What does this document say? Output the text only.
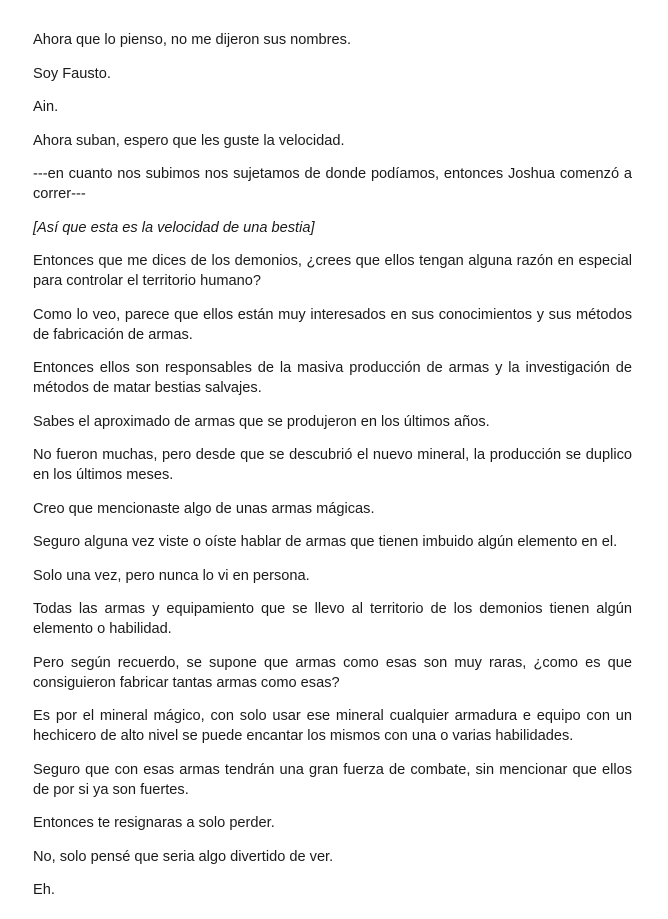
Ahora que lo pienso, no me dijeron sus nombres.

Soy Fausto.

Ain.

Ahora suban, espero que les guste la velocidad.

---en cuanto nos subimos nos sujetamos de donde podíamos, entonces Joshua comenzó a correr---

[Así que esta es la velocidad de una bestia]

Entonces que me dices de los demonios, ¿crees que ellos tengan alguna razón en especial para controlar el territorio humano?

Como lo veo, parece que ellos están muy interesados en sus conocimientos y sus métodos de fabricación de armas.

Entonces ellos son responsables de la masiva producción de armas y la investigación de métodos de matar bestias salvajes.

Sabes el aproximado de armas que se produjeron en los últimos años.

No fueron muchas, pero desde que se descubrió el nuevo mineral, la producción se duplico en los últimos meses.

Creo que mencionaste algo de unas armas mágicas.

Seguro alguna vez viste o oíste hablar de armas que tienen imbuido algún elemento en el.

Solo una vez, pero nunca lo vi en persona.

Todas las armas y equipamiento que se llevo al territorio de los demonios tienen algún elemento o habilidad.

Pero según recuerdo, se supone que armas como esas son muy raras, ¿como es que consiguieron fabricar tantas armas como esas?

Es por el mineral mágico, con solo usar ese mineral cualquier armadura e equipo con un hechicero de alto nivel se puede encantar los mismos con una o varias habilidades.

Seguro que con esas armas tendrán una gran fuerza de combate, sin mencionar que ellos de por si ya son fuertes.

Entonces te resignaras a solo perder.

No, solo pensé que seria algo divertido de ver.

Eh.
